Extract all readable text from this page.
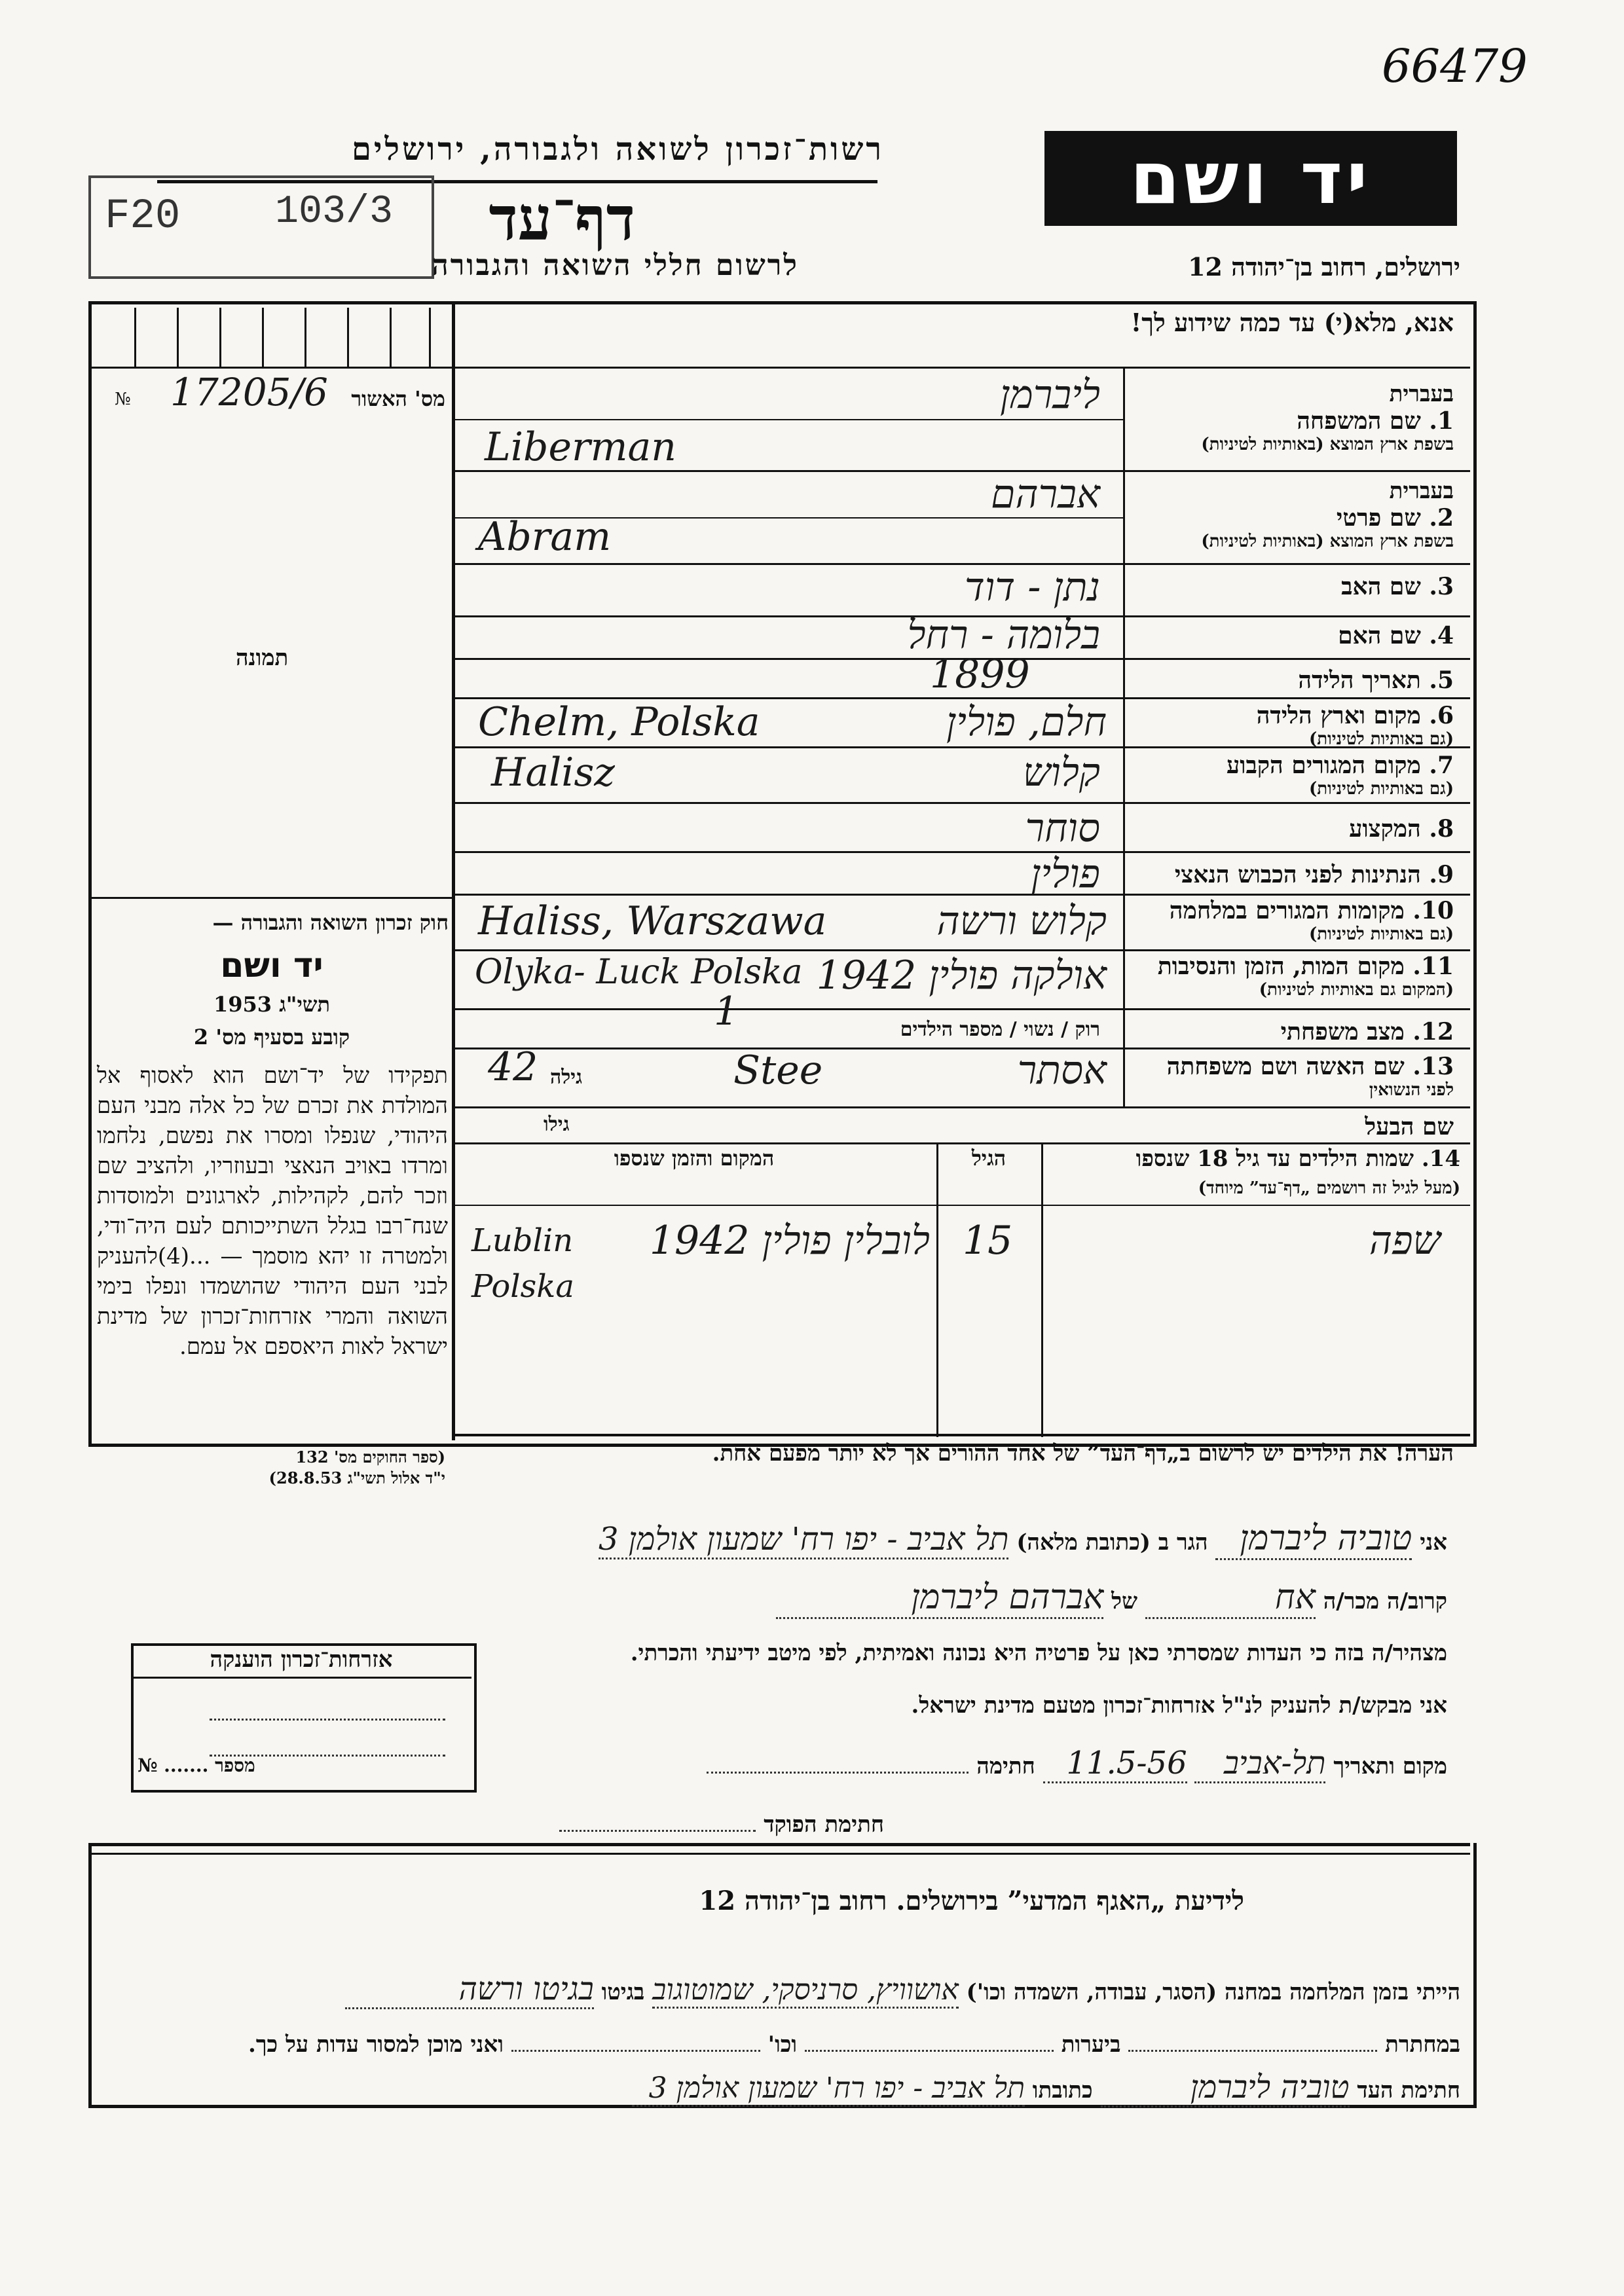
66479
רשות־זכרון לשואה ולגבורה, ירושלים
F20 103/3	דף־עד
לרשום חללי השואה והגבורה
יד ושם
ירושלים, רחוב בן־יהודה 12
אנא, מלא(י) עד כמה שידוע לך!
מס' האשור
№ 17205/6
תמונה
חוק זכרון השואה והגבורה —
יד ושם
תשי"ג 1953
קובע בסעיף מס' 2
תפקידו של יד־ושם הוא לאסוף אל המולדת את זכרם של כל אלה מבני העם היהודי, שנפלו ומסרו את נפשם, נלחמו ומרדו באויב הנאצי ובעוזריו, ולהציב שם וזכר להם, לקהילות, לארגונים ולמוסדות שנח־רבו בגלל השתייכותם לעם היה־ודי, ולמטרה זו יהא מוסמך — ...(4)להעניק לבני העם היהודי שהושמדו ונפלו בימי השואה והמרי אזרחות־זכרון של מדינת ישראל לאות היאספם אל עמם.
(ספר החוקים מס' 132
י"ד אלול תשי"ג 28.8.53)
בעברית
1. שם המשפחה
בשפת ארץ המוצא (באותיות לטיניות)
ליברמן
Liberman
בעברית
2. שם פרטי
בשפת ארץ המוצא (באותיות לטיניות)
אברהם
Abram
3. שם האב
נתן - דוד
4. שם האם
בלומה - רחל
5. תאריך הלידה
1899
6. מקום וארץ הלידה
(גם באותיות לטיניות)
חלם, פולין
Chelm, Polska
7. מקום המגורים הקבוע
(גם באותיות לטיניות)
קלוש
Halisz
8. המקצוע
סוחר
9. הנתינות לפני הכבוש הנאצי
פולין
10. מקומות המגורים במלחמה
(גם באותיות לטיניות)
קלוש ורשה
Haliss, Warszawa
11. מקום המות, הזמן והנסיבות
(המקום גם באותיות לטיניות)
אולקה פולין 1942
Olyka- Luck Polska
12. מצב משפחתי
רוק / נשוי / מספר הילדים
1
13. שם האשה ושם משפחתה
לפני הנשואין
אסתר
Stee
גילה
42
שם הבעל
גילו
14. שמות הילדים עד גיל 18 שנספו
(מעל לגיל זה רושמים „דף־עד” מיוחד)
הגיל
המקום והזמן שנספו
שפה
15
לובלין פולין 1942
Lublin Polska
הערה! את הילדים יש לרשום ב„דף־העד” של אחד ההורים אך לא יותר מפעם אחת.
אני טוביה ליברמן הגר ב (כתובת מלאה) תל אביב - יפו רח' שמעון אולמן 3
קרוב/ה מכר/ה אח של אברהם ליברמן
מצהיר/ה בזה כי העדות שמסרתי כאן על פרטיה היא נכונה ואמיתית, לפי מיטב ידיעתי והכרתי.
אני מבקש/ת להעניק לנ"ל אזרחות־זכרון מטעם מדינת ישראל.
מקום ותאריך תל-אביב 11.5-56 חתימה
חתימת הפוקד
אזרחות־זכרון הוענקה
№ ....... מספר
לידיעת „האגף המדעי” בירושלים. רחוב בן־יהודה 12
הייתי בזמן המלחמה במחנה (הסגר, עבודה, השמדה וכו') אושוויץ, סרניסקי, שמוטוגוב בגיטו בגיטו ורשה
במחתרת  ביערות  וכו'  ואני מוכן למסור עדות על כך.
חתימת העד טוביה ליברמן כתובתו תל אביב - יפו רח' שמעון אולמן 3
